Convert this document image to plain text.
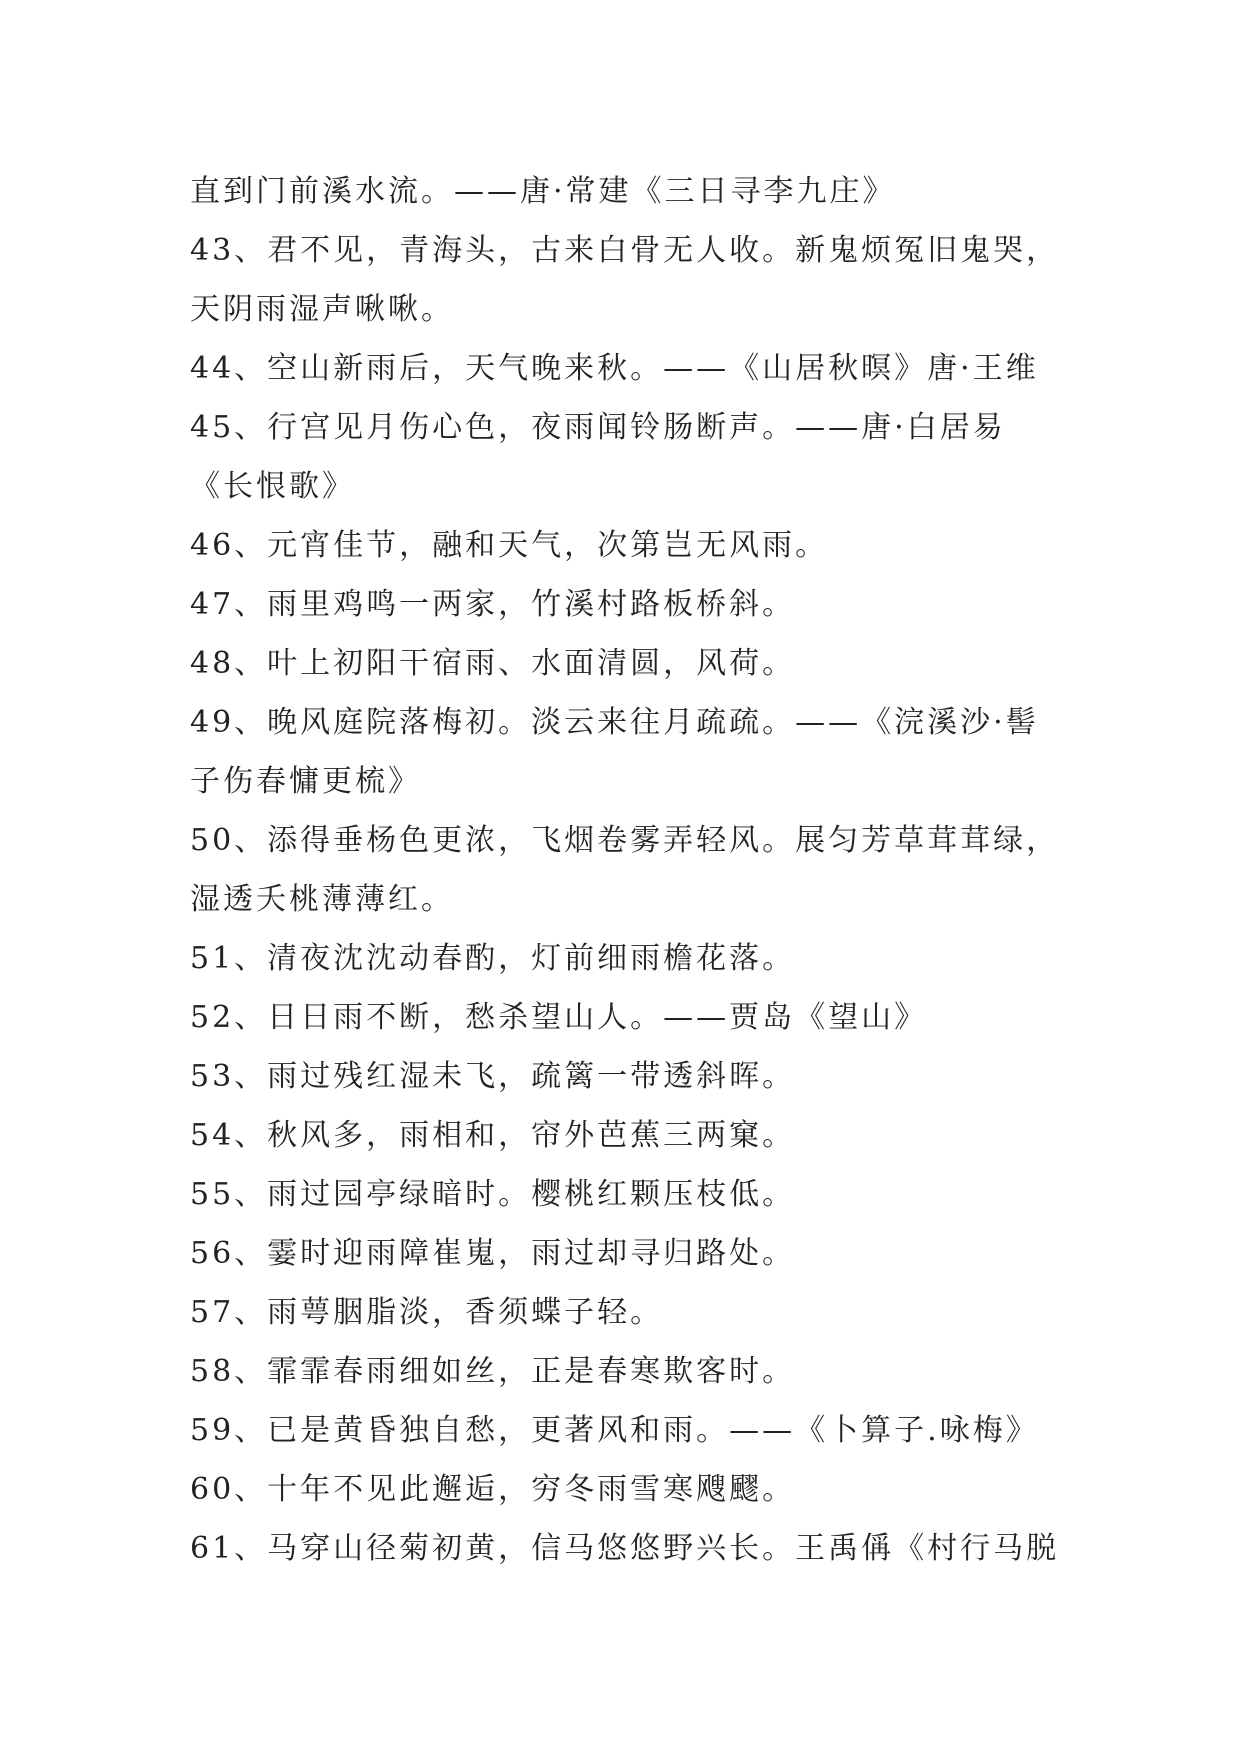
直到门前溪水流。——唐·常建《三日寻李九庄》
43、君不见，青海头，古来白骨无人收。新鬼烦冤旧鬼哭，
天阴雨湿声啾啾。
44、空山新雨后，天气晚来秋。——《山居秋暝》唐·王维
45、行宫见月伤心色，夜雨闻铃肠断声。——唐·白居易
《长恨歌》
46、元宵佳节，融和天气，次第岂无风雨。
47、雨里鸡鸣一两家，竹溪村路板桥斜。
48、叶上初阳干宿雨、水面清圆，风荷。
49、晚风庭院落梅初。淡云来往月疏疏。——《浣溪沙·髻
子伤春慵更梳》
50、添得垂杨色更浓，飞烟卷雾弄轻风。展匀芳草茸茸绿，
湿透夭桃薄薄红。
51、清夜沈沈动春酌，灯前细雨檐花落。
52、日日雨不断，愁杀望山人。——贾岛《望山》
53、雨过残红湿未飞，疏篱一带透斜晖。
54、秋风多，雨相和，帘外芭蕉三两窠。
55、雨过园亭绿暗时。樱桃红颗压枝低。
56、霎时迎雨障崔嵬，雨过却寻归路处。
57、雨萼胭脂淡，香须蝶子轻。
58、霏霏春雨细如丝，正是春寒欺客时。
59、已是黄昏独自愁，更著风和雨。——《卜算子.咏梅》
60、十年不见此邂逅，穷冬雨雪寒飕飂。
61、马穿山径菊初黄，信马悠悠野兴长。王禹偁《村行马脱
